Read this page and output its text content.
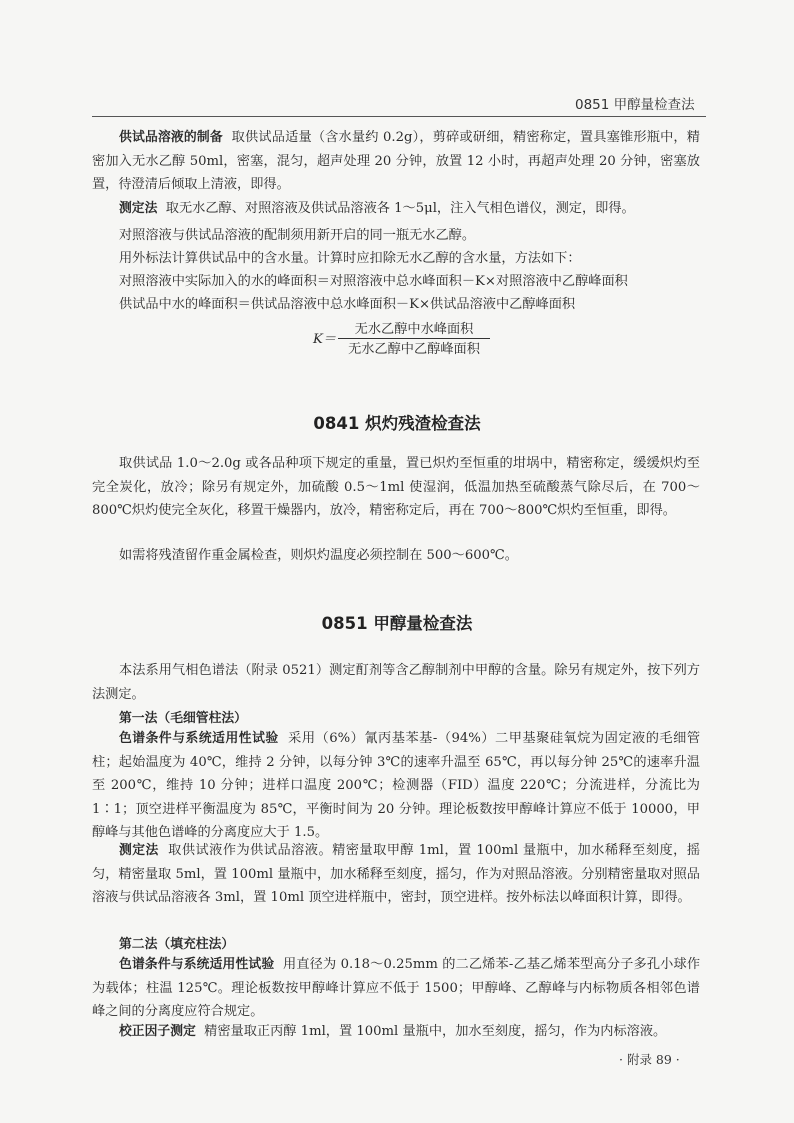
0851 甲醇量检查法

供试品溶液的制备 取供试品适量（含水量约 0.2g），剪碎或研细，精密称定，置具塞锥形瓶中，精密加入无水乙醇 50ml，密塞，混匀，超声处理 20 分钟，放置 12 小时，再超声处理 20 分钟，密塞放置，待澄清后倾取上清液，即得。

测定法 取无水乙醇、对照溶液及供试品溶液各 1～5μl，注入气相色谱仪，测定，即得。

对照溶液与供试品溶液的配制须用新开启的同一瓶无水乙醇。
用外标法计算供试品中的含水量。计算时应扣除无水乙醇的含水量，方法如下：
对照溶液中实际加入的水的峰面积＝对照溶液中总水峰面积－K×对照溶液中乙醇峰面积
供试品中水的峰面积＝供试品溶液中总水峰面积－K×供试品溶液中乙醇峰面积
K＝
无水乙醇中水峰面积
无水乙醇中乙醇峰面积
0841 炽灼残渣检查法

取供试品 1.0～2.0g 或各品种项下规定的重量，置已炽灼至恒重的坩埚中，精密称定，缓缓炽灼至完全炭化，放冷；除另有规定外，加硫酸 0.5～1ml 使湿润，低温加热至硫酸蒸气除尽后，在 700～800℃炽灼使完全灰化，移置干燥器内，放冷，精密称定后，再在 700～800℃炽灼至恒重，即得。

如需将残渣留作重金属检查，则炽灼温度必须控制在 500～600℃。

0851 甲醇量检查法

本法系用气相色谱法（附录 0521）测定酊剂等含乙醇制剂中甲醇的含量。除另有规定外，按下列方法测定。

第一法（毛细管柱法）

色谱条件与系统适用性试验 采用（6%）氰丙基苯基-（94%）二甲基聚硅氧烷为固定液的毛细管柱；起始温度为 40℃，维持 2 分钟，以每分钟 3℃的速率升温至 65℃，再以每分钟 25℃的速率升温至 200℃，维持 10 分钟；进样口温度 200℃；检测器（FID）温度 220℃；分流进样，分流比为 1∶1；顶空进样平衡温度为 85℃，平衡时间为 20 分钟。理论板数按甲醇峰计算应不低于 10000，甲醇峰与其他色谱峰的分离度应大于 1.5。

测定法 取供试液作为供试品溶液。精密量取甲醇 1ml，置 100ml 量瓶中，加水稀释至刻度，摇匀，精密量取 5ml，置 100ml 量瓶中，加水稀释至刻度，摇匀，作为对照品溶液。分别精密量取对照品溶液与供试品溶液各 3ml，置 10ml 顶空进样瓶中，密封，顶空进样。按外标法以峰面积计算，即得。

第二法（填充柱法）

色谱条件与系统适用性试验 用直径为 0.18～0.25mm 的二乙烯苯-乙基乙烯苯型高分子多孔小球作为载体；柱温 125℃。理论板数按甲醇峰计算应不低于 1500；甲醇峰、乙醇峰与内标物质各相邻色谱峰之间的分离度应符合规定。

校正因子测定 精密量取正丙醇 1ml，置 100ml 量瓶中，加水至刻度，摇匀，作为内标溶液。

· 附录 89 ·
